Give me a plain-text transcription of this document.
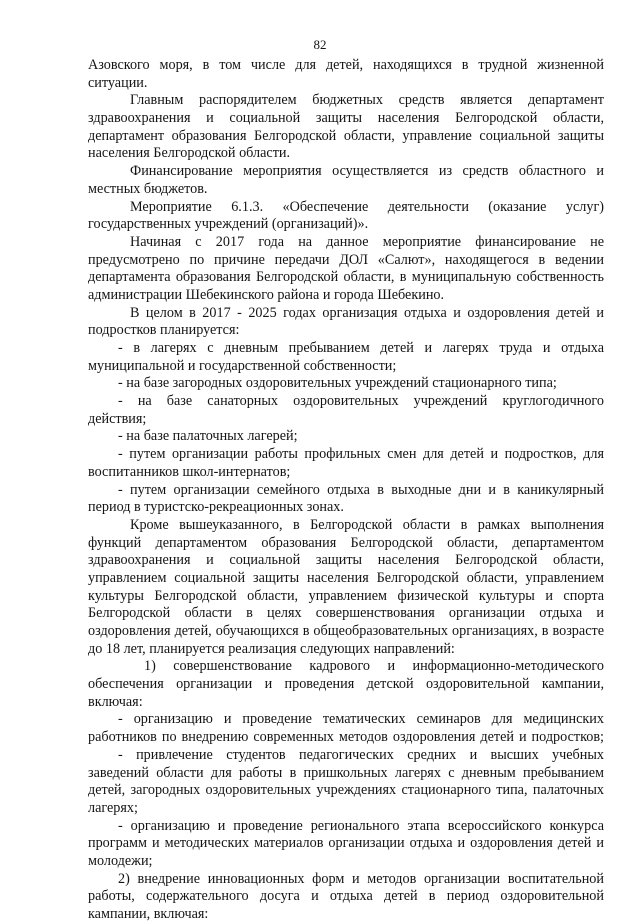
82
Азовского моря, в том числе для детей, находящихся в трудной жизненной
ситуации.
Главным распорядителем бюджетных средств является департамент
здравоохранения и социальной защиты населения Белгородской области,
департамент образования Белгородской области, управление социальной защиты
населения Белгородской области.
Финансирование мероприятия осуществляется из средств областного и
местных бюджетов.
Мероприятие 6.1.3. «Обеспечение деятельности (оказание услуг)
государственных учреждений (организаций)».
Начиная с 2017 года на данное мероприятие финансирование не
предусмотрено по причине передачи ДОЛ «Салют», находящегося в ведении
департамента образования Белгородской области, в муниципальную собственность
администрации Шебекинского района и города Шебекино.
В целом в 2017 - 2025 годах организация отдыха и оздоровления детей и
подростков планируется:
- в лагерях с дневным пребыванием детей и лагерях труда и отдыха
муниципальной и государственной собственности;
- на базе загородных оздоровительных учреждений стационарного типа;
- на базе санаторных оздоровительных учреждений круглогодичного
действия;
- на базе палаточных лагерей;
- путем организации работы профильных смен для детей и подростков, для
воспитанников школ-интернатов;
- путем организации семейного отдыха в выходные дни и в каникулярный
период в туристско-рекреационных зонах.
Кроме вышеуказанного, в Белгородской области в рамках выполнения
функций департаментом образования Белгородской области, департаментом
здравоохранения и социальной защиты населения Белгородской области,
управлением социальной защиты населения Белгородской области, управлением
культуры Белгородской области, управлением физической культуры и спорта
Белгородской области в целях совершенствования организации отдыха и
оздоровления детей, обучающихся в общеобразовательных организациях, в возрасте
до 18 лет, планируется реализация следующих направлений:
1) совершенствование кадрового и информационно-методического
обеспечения организации и проведения детской оздоровительной кампании,
включая:
- организацию и проведение тематических семинаров для медицинских
работников по внедрению современных методов оздоровления детей и подростков;
- привлечение студентов педагогических средних и высших учебных
заведений области для работы в пришкольных лагерях с дневным пребыванием
детей, загородных оздоровительных учреждениях стационарного типа, палаточных
лагерях;
- организацию и проведение регионального этапа всероссийского конкурса
программ и методических материалов организации отдыха и оздоровления детей и
молодежи;
2) внедрение инновационных форм и методов организации воспитательной
работы, содержательного досуга и отдыха детей в период оздоровительной
кампании, включая:
